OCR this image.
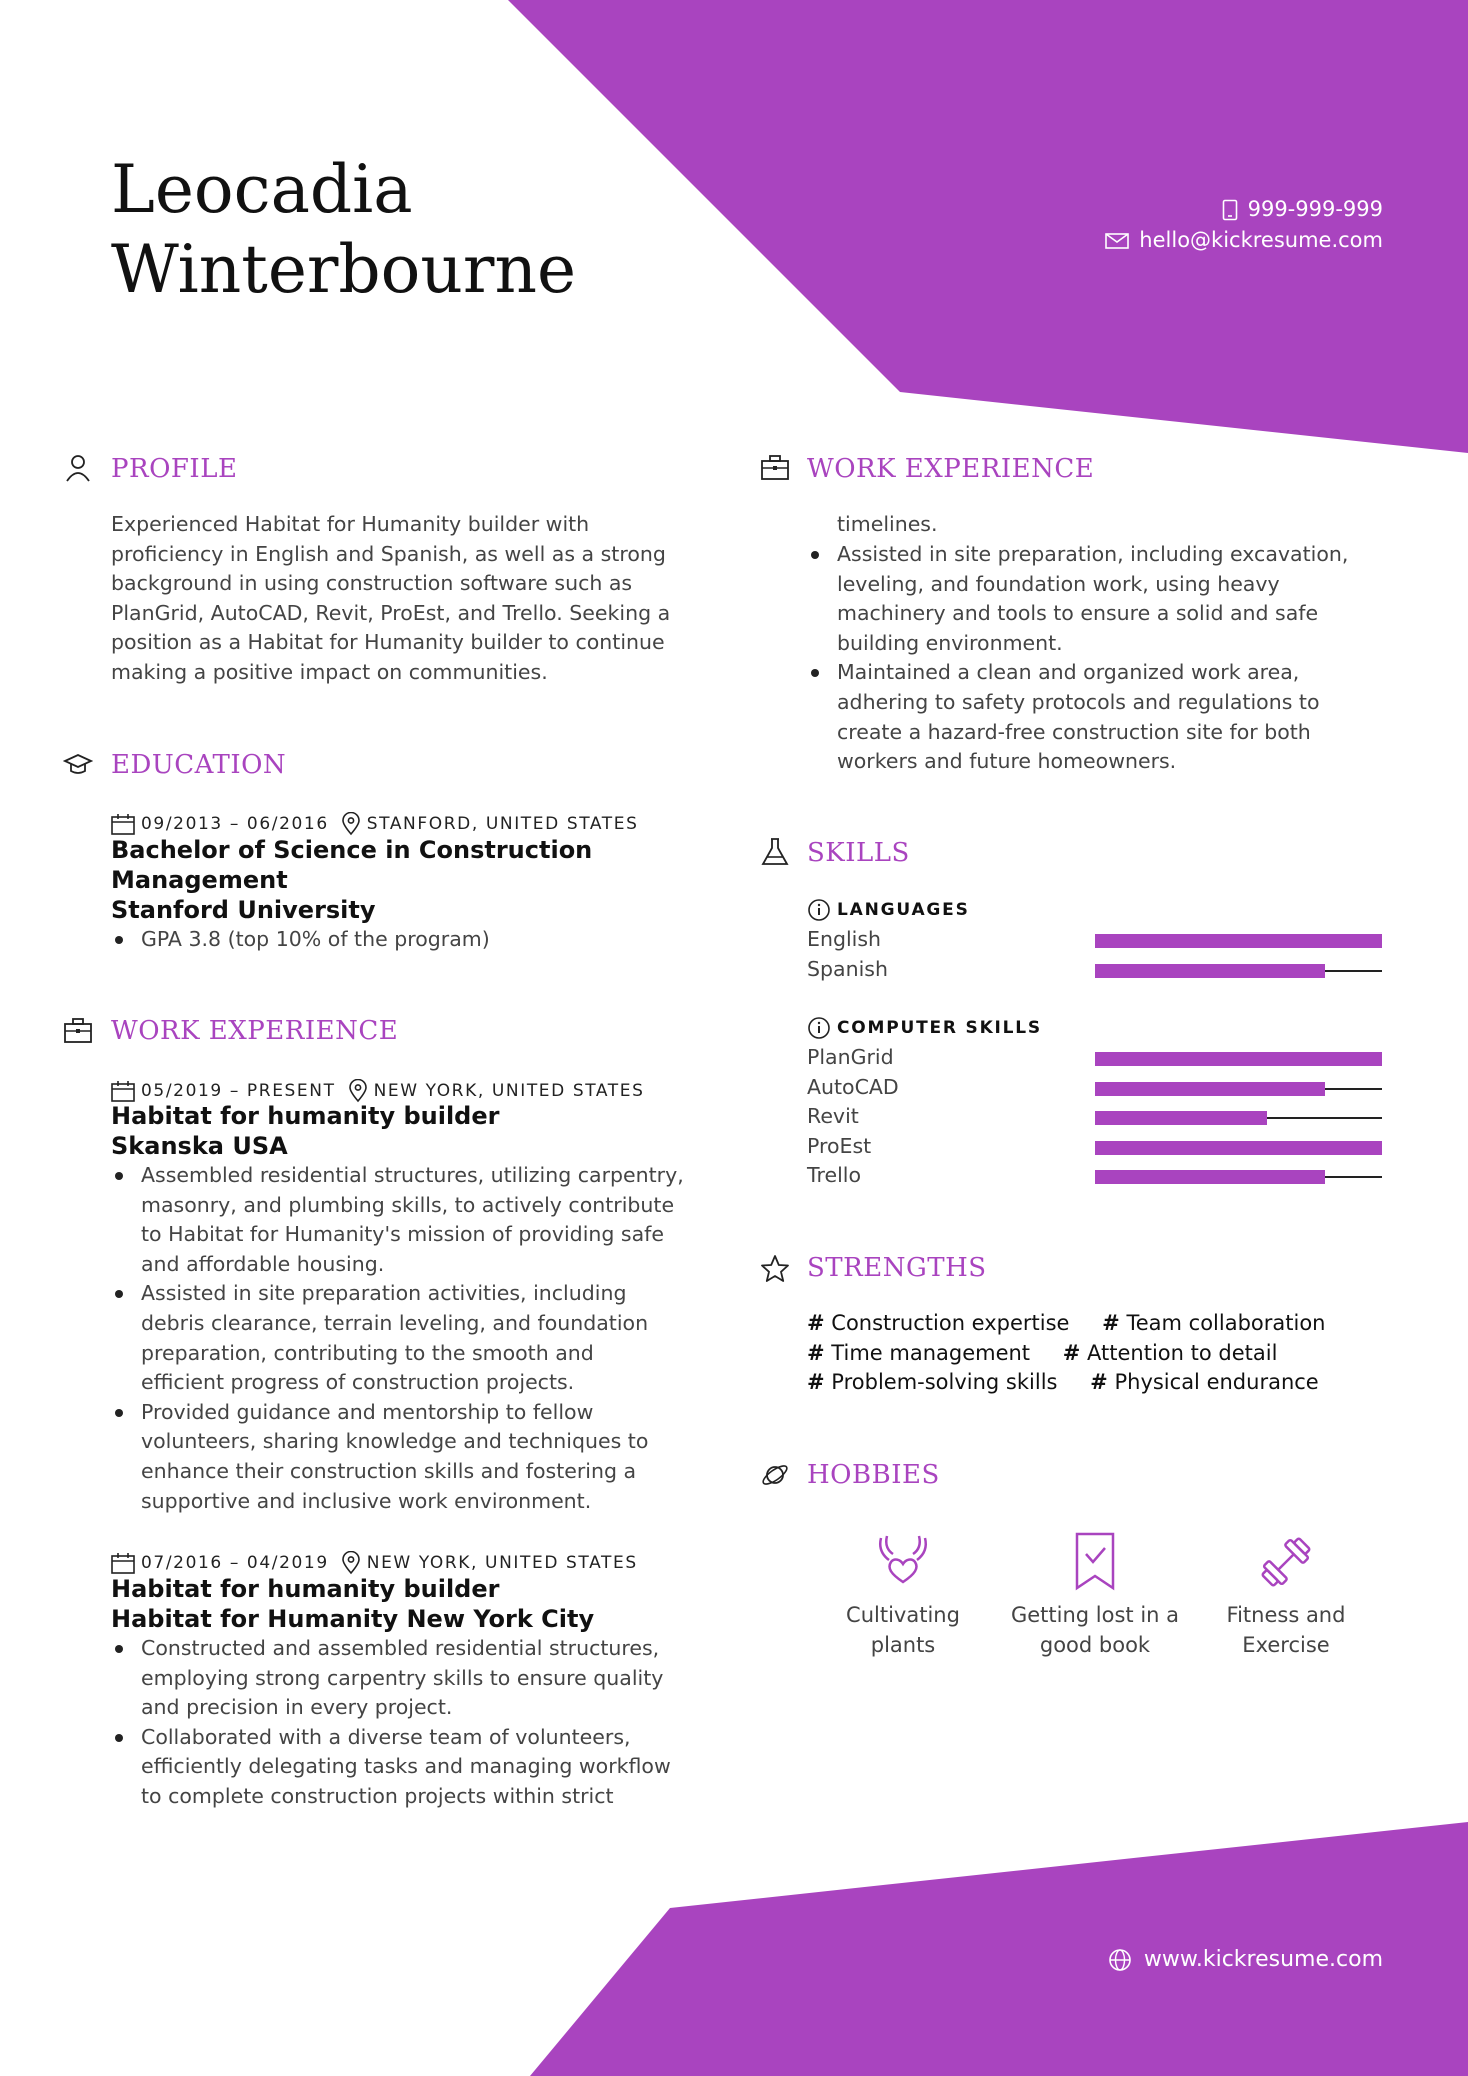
Leocadia
Winterbourne
999-999-999
hello@kickresume.com
www.kickresume.com
PROFILE
Experienced Habitat for Humanity builder with
proficiency in English and Spanish, as well as a strong
background in using construction software such as
PlanGrid, AutoCAD, Revit, ProEst, and Trello. Seeking a
position as a Habitat for Humanity builder to continue
making a positive impact on communities.
EDUCATION
09/2013 – 06/2016 STANFORD, UNITED STATES
Bachelor of Science in Construction
Management
Stanford University
GPA 3.8 (top 10% of the program)
WORK EXPERIENCE
05/2019 – PRESENT NEW YORK, UNITED STATES
Habitat for humanity builder
Skanska USA
Assembled residential structures, utilizing carpentry,
masonry, and plumbing skills, to actively contribute
to Habitat for Humanity's mission of providing safe
and affordable housing.
Assisted in site preparation activities, including
debris clearance, terrain leveling, and foundation
preparation, contributing to the smooth and
efficient progress of construction projects.
Provided guidance and mentorship to fellow
volunteers, sharing knowledge and techniques to
enhance their construction skills and fostering a
supportive and inclusive work environment.
07/2016 – 04/2019 NEW YORK, UNITED STATES
Habitat for humanity builder
Habitat for Humanity New York City
Constructed and assembled residential structures,
employing strong carpentry skills to ensure quality
and precision in every project.
Collaborated with a diverse team of volunteers,
efficiently delegating tasks and managing workflow
to complete construction projects within strict
WORK EXPERIENCE
timelines.
Assisted in site preparation, including excavation,
leveling, and foundation work, using heavy
machinery and tools to ensure a solid and safe
building environment.
Maintained a clean and organized work area,
adhering to safety protocols and regulations to
create a hazard-free construction site for both
workers and future homeowners.
SKILLS
LANGUAGES
English
Spanish
COMPUTER SKILLS
PlanGrid
AutoCAD
Revit
ProEst
Trello
STRENGTHS
# Construction expertise # Team collaboration
# Time management # Attention to detail
# Problem-solving skills # Physical endurance
HOBBIES
Cultivating
plants
Getting lost in a
good book
Fitness and
Exercise
